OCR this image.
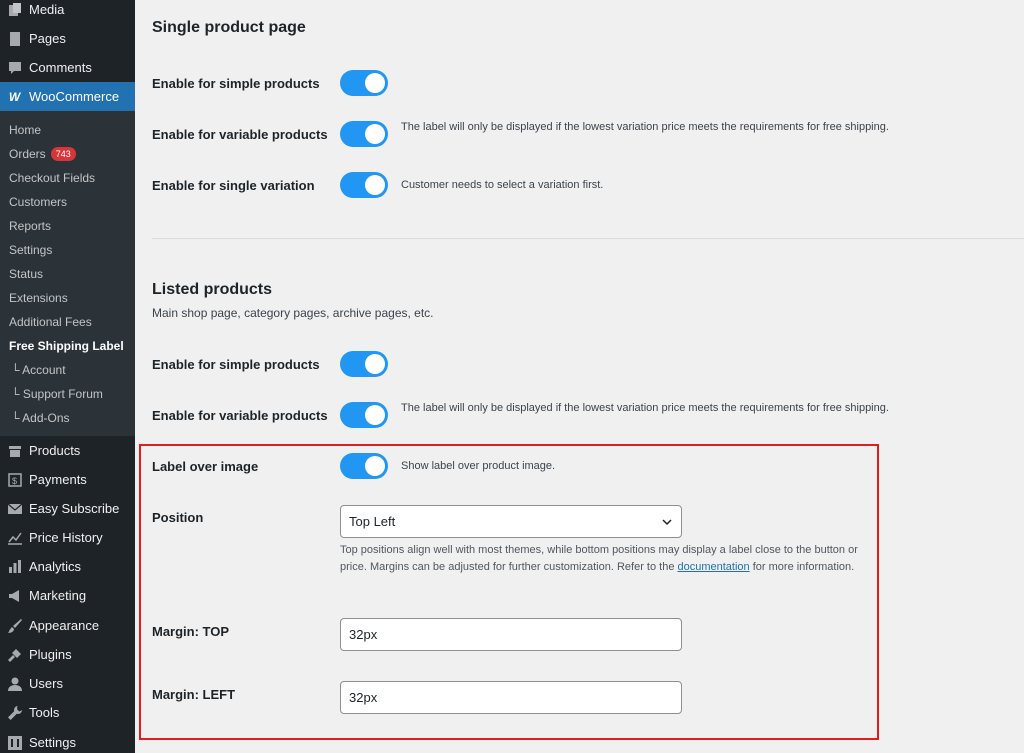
Media
Pages
Comments
W WooCommerce
Home
Orders 743
Checkout Fields
Customers
Reports
Settings
Status
Extensions
Additional Fees
Free Shipping Label
└ Account
└ Support Forum
└ Add-Ons
Products
$ Payments
Easy Subscribe
Price History
Analytics
Marketing
Appearance
Plugins
Users
Tools
Settings
Single product page
Enable for simple products
Enable for variable products	The label will only be displayed if the lowest variation price meets the requirements for free shipping.
Enable for single variation	Customer needs to select a variation first.
Listed products
Main shop page, category pages, archive pages, etc.
Enable for simple products
Enable for variable products	The label will only be displayed if the lowest variation price meets the requirements for free shipping.
Label over image	Show label over product image.
Position	Top Left
Top positions align well with most themes, while bottom positions may display a label close to the button or price. Margins can be adjusted for further customization. Refer to the documentation for more information.
Margin: TOP
32px
Margin: LEFT
32px
